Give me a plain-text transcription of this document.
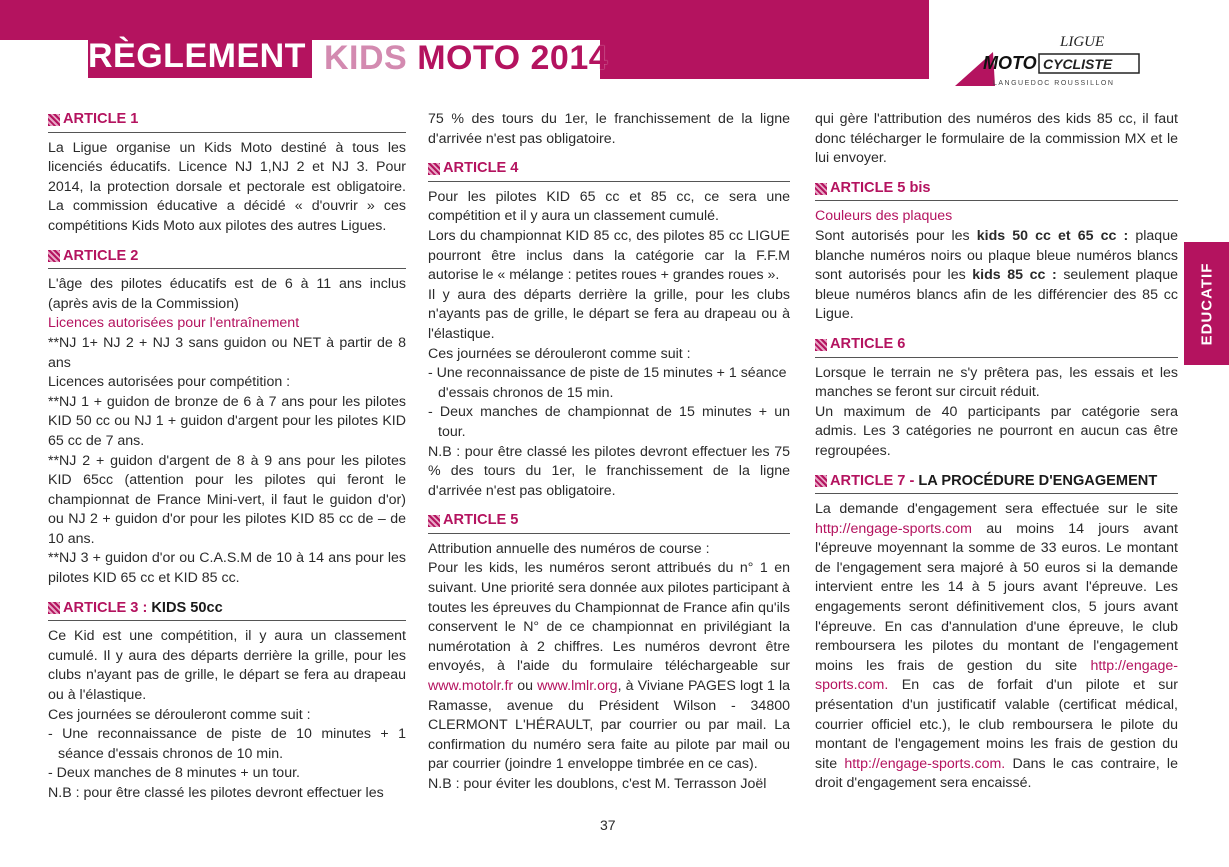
RÈGLEMENT KIDS MOTO 2014	LIGUE
MOTO CYCLISTE
LANGUEDOC ROUSSILLON
EDUCATIF
ARTICLE 1

La Ligue organise un Kids Moto destiné à tous les licenciés éducatifs. Licence NJ 1,NJ 2 et NJ 3. Pour 2014, la protection dorsale et pectorale est obligatoire. La commission éducative a décidé « d'ouvrir » ces compétitions Kids Moto aux pilotes des autres Ligues.

ARTICLE 2

L'âge des pilotes éducatifs est de 6 à 11 ans inclus (après avis de la Commission)

Licences autorisées pour l'entraînement

**NJ 1+ NJ 2 + NJ 3 sans guidon ou NET à partir de 8 ans

Licences autorisées pour compétition :

**NJ 1 + guidon de bronze de 6 à 7 ans pour les pilotes KID 50 cc ou NJ 1 + guidon d'argent pour les pilotes KID 65 cc de 7 ans.

**NJ 2 + guidon d'argent de 8 à 9 ans pour les pilotes KID 65cc (attention pour les pilotes qui feront le championnat de France Mini-vert, il faut le guidon d'or) ou NJ 2 + guidon d'or pour les pilotes KID 85 cc de – de 10 ans.

**NJ 3 + guidon d'or ou C.A.S.M de 10 à 14 ans pour les pilotes KID 65 cc et KID 85 cc.

ARTICLE 3 :
KIDS 50cc

Ce Kid est une compétition, il y aura un classement cumulé. Il y aura des départs derrière la grille, pour les clubs n'ayant pas de grille, le départ se fera au drapeau ou à l'élastique.

Ces journées se dérouleront comme suit :

- Une reconnaissance de piste de 10 minutes + 1 séance d'essais chronos de 10 min.

- Deux manches de 8 minutes + un tour.

N.B : pour être classé les pilotes devront effectuer les

75 % des tours du 1er, le franchissement de la ligne d'arrivée n'est pas obligatoire.

ARTICLE 4

Pour les pilotes KID 65 cc et 85 cc, ce sera une compétition et il y aura un classement cumulé.

Lors du championnat KID 85 cc, des pilotes 85 cc LIGUE pourront être inclus dans la catégorie car la F.F.M autorise le « mélange : petites roues + grandes roues ».

Il y aura des départs derrière la grille, pour les clubs n'ayants pas de grille, le départ se fera au drapeau ou à l'élastique.

Ces journées se dérouleront comme suit :

- Une reconnaissance de piste de 15 minutes + 1 séance d'essais chronos de 15 min.

- Deux manches de championnat de 15 minutes + un tour.

N.B : pour être classé les pilotes devront effectuer les 75 % des tours du 1er, le franchissement de la ligne d'arrivée n'est pas obligatoire.

ARTICLE 5

Attribution annuelle des numéros de course :

Pour les kids, les numéros seront attribués du n° 1 en suivant. Une priorité sera donnée aux pilotes participant à toutes les épreuves du Championnat de France afin qu'ils conservent le N° de ce championnat en privilégiant la numérotation à 2 chiffres. Les numéros devront être envoyés, à l'aide du formulaire téléchargeable sur www.motolr.fr ou www.lmlr.org, à Viviane PAGES logt 1 la Ramasse, avenue du Président Wilson - 34800 CLERMONT L'HÉRAULT, par courrier ou par mail. La confirmation du numéro sera faite au pilote par mail ou par courrier (joindre 1 enveloppe timbrée en ce cas).

N.B : pour éviter les doublons, c'est M. Terrasson Joël

qui gère l'attribution des numéros des kids 85 cc, il faut donc télécharger le formulaire de la commission MX et le lui envoyer.

ARTICLE 5 bis

Couleurs des plaques

Sont autorisés pour les kids 50 cc et 65 cc : plaque blanche numéros noirs ou plaque bleue numéros blancs sont autorisés pour les kids 85 cc : seulement plaque bleue numéros blancs afin de les différencier des 85 cc Ligue.

ARTICLE 6

Lorsque le terrain ne s'y prêtera pas, les essais et les manches se feront sur circuit réduit.

Un maximum de 40 participants par catégorie sera admis. Les 3 catégories ne pourront en aucun cas être regroupées.

ARTICLE 7 -
LA PROCÉDURE D'ENGAGEMENT

La demande d'engagement sera effectuée sur le site http://engage-sports.com au moins 14 jours avant l'épreuve moyennant la somme de 33 euros. Le montant de l'engagement sera majoré à 50 euros si la demande intervient entre les 14 à 5 jours avant l'épreuve. Les engagements seront définitivement clos, 5 jours avant l'épreuve. En cas d'annulation d'une épreuve, le club remboursera les pilotes du montant de l'engagement moins les frais de gestion du site http://engage-sports.com. En cas de forfait d'un pilote et sur présentation d'un justificatif valable (certificat médical, courrier officiel etc.), le club remboursera le pilote du montant de l'engagement moins les frais de gestion du site http://engage-sports.com. Dans le cas contraire, le droit d'engagement sera encaissé.

37
